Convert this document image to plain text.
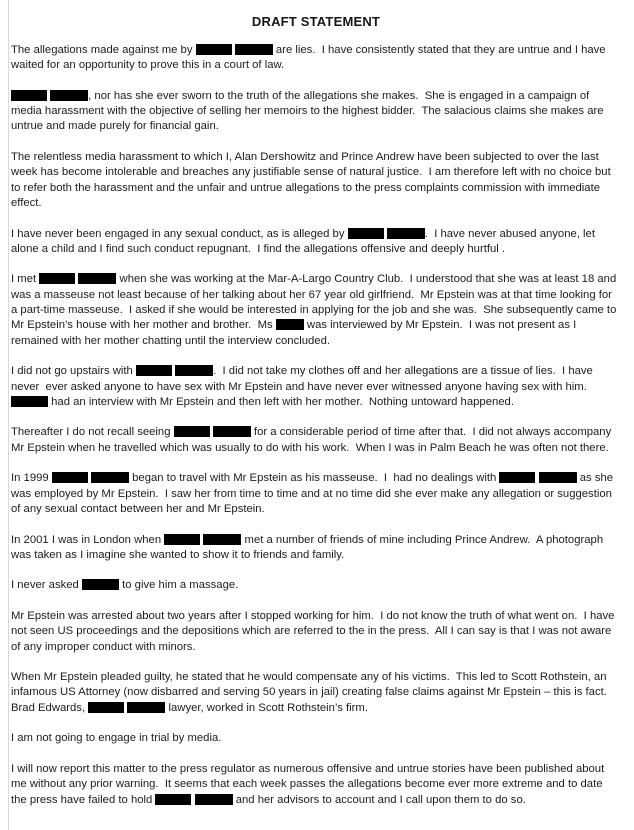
DRAFT STATEMENT

The allegations made against me by	are lies.  I have consistently stated that they are untrue and I have waited for an opportunity to prove this in a court of law.

, nor has she ever sworn to the truth of the allegations she makes.  She is engaged in a campaign of media harassment with the objective of selling her memoirs to the highest bidder.  The salacious claims she makes are untrue and made purely for financial gain.

The relentless media harassment to which I, Alan Dershowitz and Prince Andrew have been subjected to over the last week has become intolerable and breaches any justifiable sense of natural justice.  I am therefore left with no choice but to refer both the harassment and the unfair and untrue allegations to the press complaints commission with immediate effect.

I have never been engaged in any sexual conduct, as is alleged by	.  I have never abused anyone, let alone a child and I find such conduct repugnant.  I find the allegations offensive and deeply hurtful .

I met	when she was working at the Mar-A-Largo Country Club.  I understood that she was at least 18 and was a masseuse not least because of her talking about her 67 year old girlfriend.  Mr Epstein was at that time looking for a part-time masseuse.  I asked if she would be interested in applying for the job and she was.  She subsequently came to Mr Epstein’s house with her mother and brother.  Ms  was interviewed by Mr Epstein.  I was not present as I remained with her mother chatting until the interview concluded.

I did not go upstairs with	.  I did not take my clothes off and her allegations are a tissue of lies.  I have never  ever asked anyone to have sex with Mr Epstein and have never ever witnessed anyone having sex with him.   had an interview with Mr Epstein and then left with her mother.  Nothing untoward happened.

Thereafter I do not recall seeing	for a considerable period of time after that.  I did not always accompany Mr Epstein when he travelled which was usually to do with his work.  When I was in Palm Beach he was often not there.

In 1999	began to travel with Mr Epstein as his masseuse.  I  had no dealings with	as she was employed by Mr Epstein.  I saw her from time to time and at no time did she ever make any allegation or suggestion of any sexual contact between her and Mr Epstein.

In 2001 I was in London when	met a number of friends of mine including Prince Andrew.  A photograph was taken as I imagine she wanted to show it to friends and family.

I never asked	to give him a massage.

Mr Epstein was arrested about two years after I stopped working for him.  I do not know the truth of what went on.  I have not seen US proceedings and the depositions which are referred to the in the press.  All I can say is that I was not aware of any improper conduct with minors.

When Mr Epstein pleaded guilty, he stated that he would compensate any of his victims.  This led to Scott Rothstein, an infamous US Attorney (now disbarred and serving 50 years in jail) creating false claims against Mr Epstein – this is fact.  Brad Edwards,	lawyer, worked in Scott Rothstein’s firm.

I am not going to engage in trial by media.

I will now report this matter to the press regulator as numerous offensive and untrue stories have been published about me without any prior warning.  It seems that each week passes the allegations become ever more extreme and to date the press have failed to hold	and her advisors to account and I call upon them to do so.
